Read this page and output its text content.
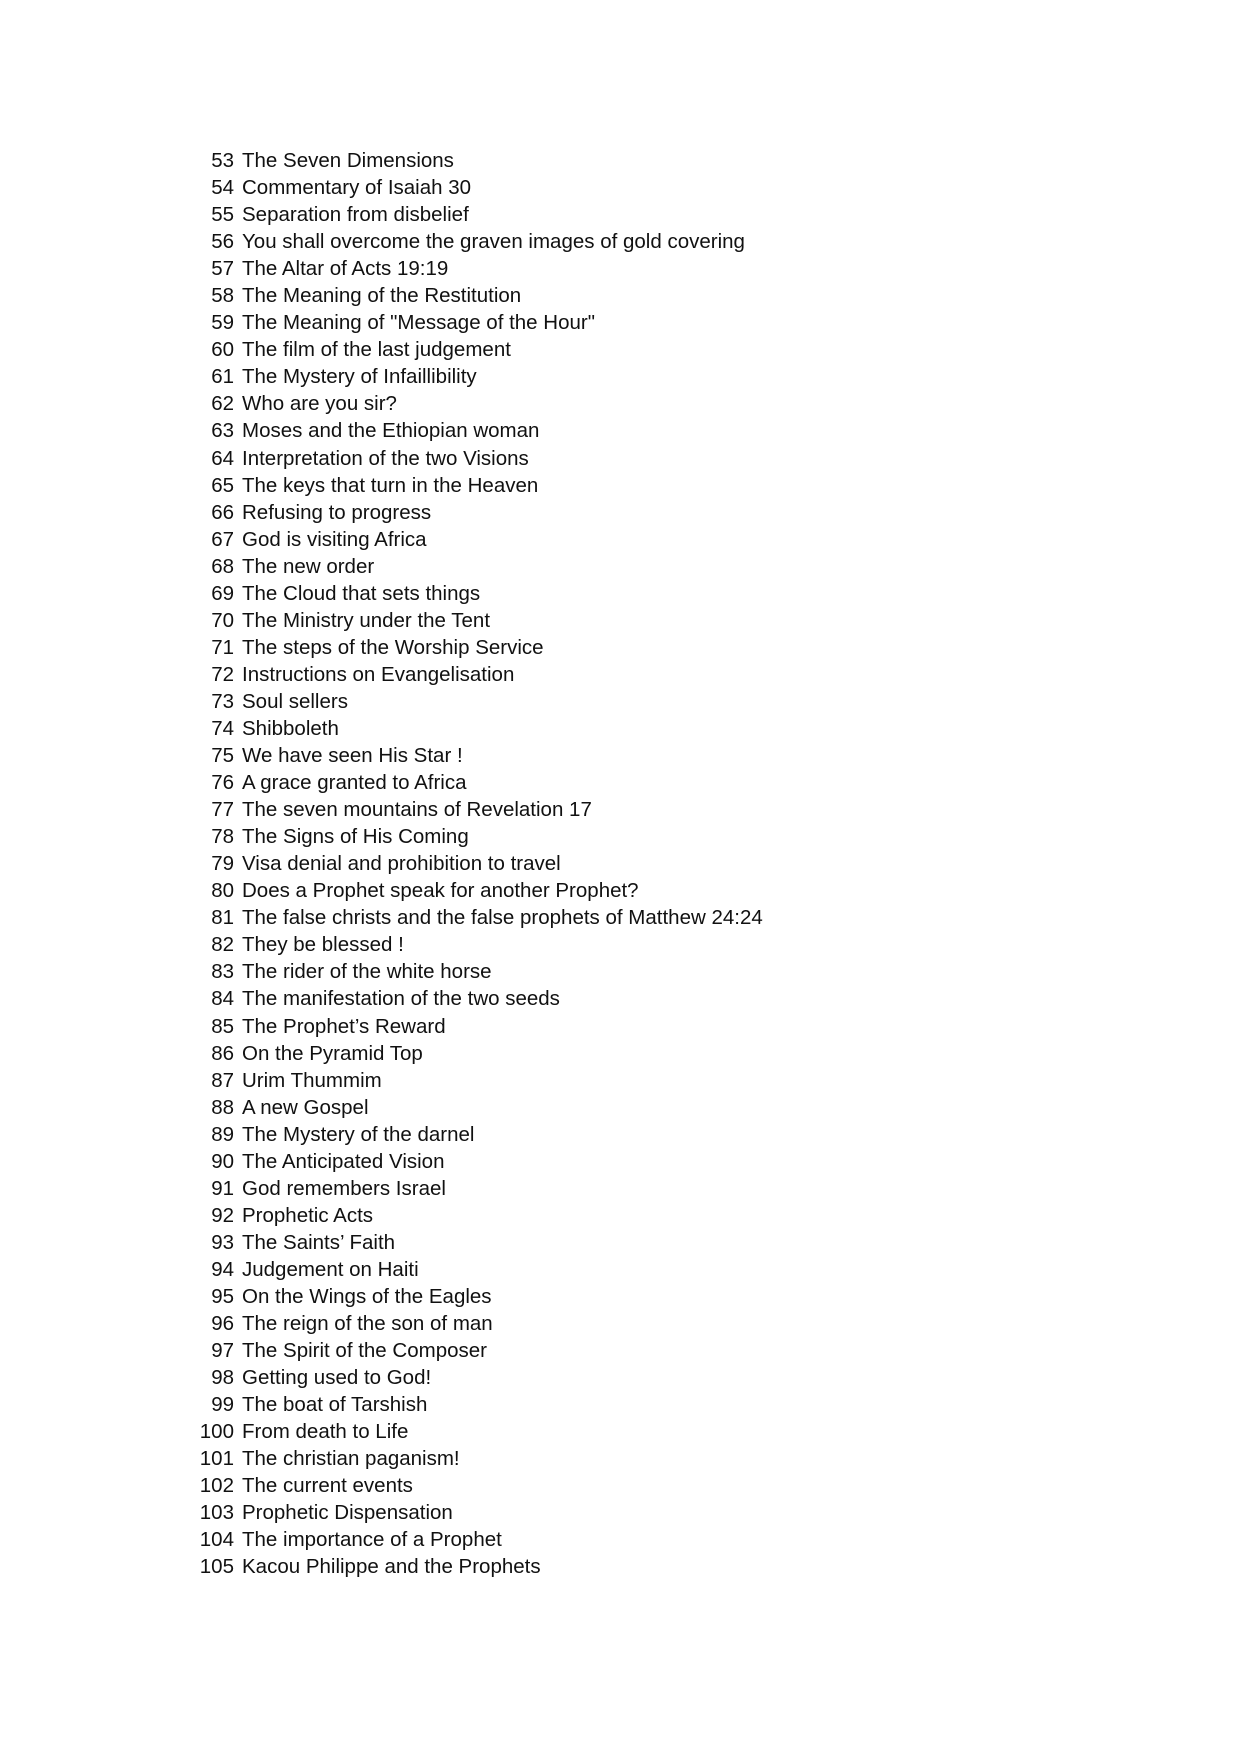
53 The Seven Dimensions
54 Commentary of Isaiah 30
55 Separation from disbelief
56 You shall overcome the graven images of gold covering
57 The Altar of Acts 19:19
58 The Meaning of the Restitution
59 The Meaning of "Message of the Hour"
60 The film of the last judgement
61 The Mystery of Infaillibility
62 Who are you sir?
63 Moses and the Ethiopian woman
64 Interpretation of the two Visions
65 The keys that turn in the Heaven
66 Refusing to progress
67 God is visiting Africa
68 The new order
69 The Cloud that sets things
70 The Ministry under the Tent
71 The steps of the Worship Service
72 Instructions on Evangelisation
73 Soul sellers
74 Shibboleth
75 We have seen His Star !
76 A grace granted to Africa
77 The seven mountains of Revelation 17
78 The Signs of His Coming
79 Visa denial and prohibition to travel
80 Does a Prophet speak for another Prophet?
81 The false christs and the false prophets of Matthew 24:24
82 They be blessed !
83 The rider of the white horse
84 The manifestation of the two seeds
85 The Prophet’s Reward
86 On the Pyramid Top
87 Urim Thummim
88 A new Gospel
89 The Mystery of the darnel
90 The Anticipated Vision
91 God remembers Israel
92 Prophetic Acts
93 The Saints’ Faith
94 Judgement on Haiti
95 On the Wings of the Eagles
96 The reign of the son of man
97 The Spirit of the Composer
98 Getting used to God!
99 The boat of Tarshish
100 From death to Life
101 The christian paganism!
102 The current events
103 Prophetic Dispensation
104 The importance of a Prophet
105 Kacou Philippe and the Prophets
